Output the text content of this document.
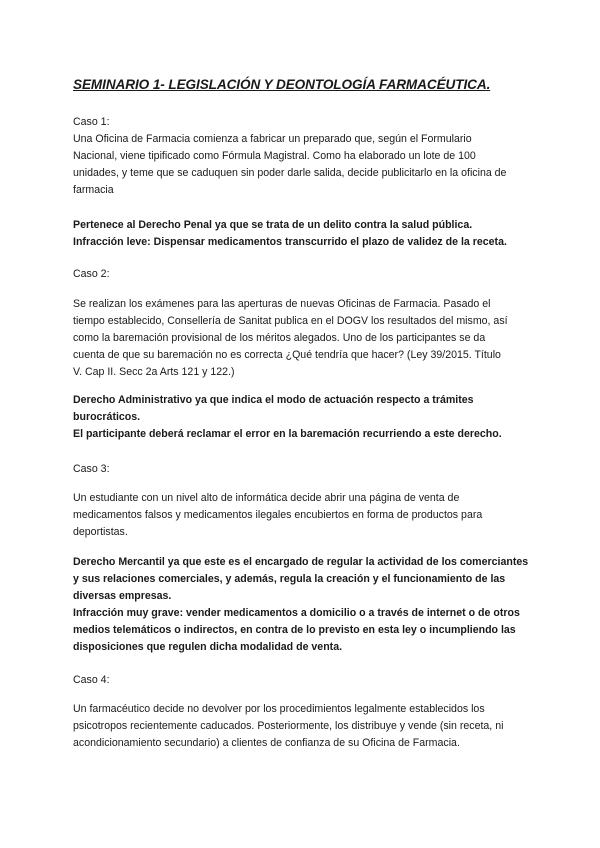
SEMINARIO 1- LEGISLACIÓN Y DEONTOLOGÍA FARMACÉUTICA.
Caso 1:
Una Oficina de Farmacia comienza a fabricar un preparado que, según el Formulario
Nacional, viene tipificado como Fórmula Magistral. Como ha elaborado un lote de 100
unidades, y teme que se caduquen sin poder darle salida, decide publicitarlo en la oficina de
farmacia
Pertenece al Derecho Penal ya que se trata de un delito contra la salud pública.
Infracción leve: Dispensar medicamentos transcurrido el plazo de validez de la receta.
Caso 2:
Se realizan los exámenes para las aperturas de nuevas Oficinas de Farmacia. Pasado el
tiempo establecido, Consellería de Sanitat publica en el DOGV los resultados del mismo, así
como la baremación provisional de los méritos alegados. Uno de los participantes se da
cuenta de que su baremación no es correcta ¿Qué tendría que hacer? (Ley 39/2015. Título
V. Cap II. Secc 2a Arts 121 y 122.)
Derecho Administrativo ya que indica el modo de actuación respecto a trámites
burocráticos.
El participante deberá reclamar el error en la baremación recurriendo a este derecho.
Caso 3:
Un estudiante con un nivel alto de informática decide abrir una página de venta de
medicamentos falsos y medicamentos ilegales encubiertos en forma de productos para
deportistas.
Derecho Mercantil ya que este es el encargado de regular la actividad de los comerciantes
y sus relaciones comerciales, y además, regula la creación y el funcionamiento de las
diversas empresas.
Infracción muy grave: vender medicamentos a domicilio o a través de internet o de otros
medios telemáticos o indirectos, en contra de lo previsto en esta ley o incumpliendo las
disposiciones que regulen dicha modalidad de venta.
Caso 4:
Un farmacéutico decide no devolver por los procedimientos legalmente establecidos los
psicotropos recientemente caducados. Posteriormente, los distribuye y vende (sin receta, ni
acondicionamiento secundario) a clientes de confianza de su Oficina de Farmacia.
